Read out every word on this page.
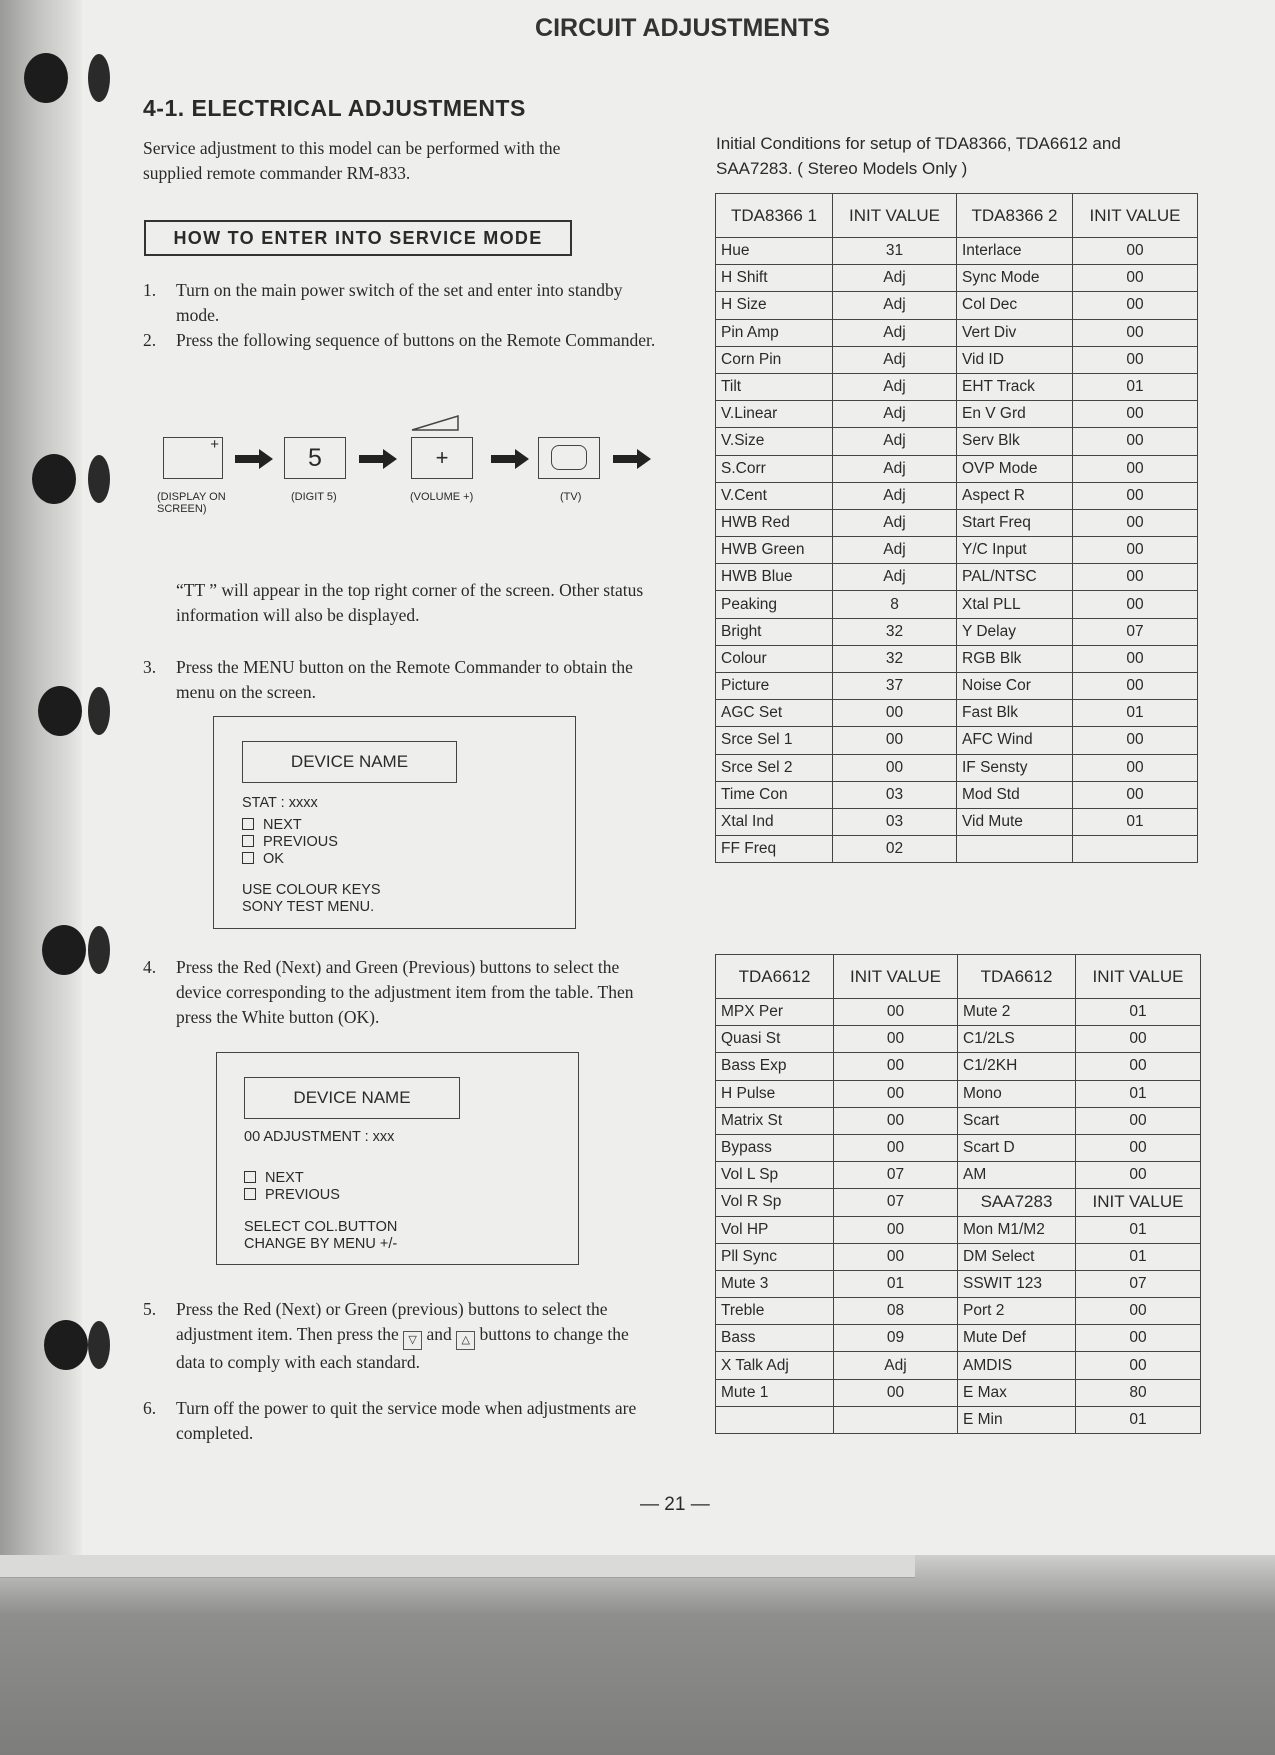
CIRCUIT ADJUSTMENTS
4-1. ELECTRICAL ADJUSTMENTS
Service adjustment to this model can be performed with the supplied remote commander RM-833.
HOW TO ENTER INTO SERVICE MODE
1. Turn on the main power switch of the set and enter into standby mode.
2. Press the following sequence of buttons on the Remote Commander.
+	5	+
(DISPLAY ON SCREEN)
(DIGIT 5)	(VOLUME +)	(TV)
“TT ” will appear in the top right corner of the screen. Other status information will also be displayed.
3. Press the MENU button on the Remote Commander to obtain the menu on the screen.
DEVICE NAME
STAT : xxxx
NEXT
PREVIOUS
OK
USE COLOUR KEYS
SONY TEST MENU.
4. Press the Red (Next) and Green (Previous) buttons to select the device corresponding to the adjustment item from the table. Then press the White button (OK).
DEVICE NAME
00 ADJUSTMENT : xxx
NEXT
PREVIOUS
SELECT COL.BUTTON
CHANGE BY MENU +/-
5. Press the Red (Next) or Green (previous) buttons to select the adjustment item. Then press the ▽ and △ buttons to change the data to comply with each standard.
6. Turn off the power to quit the service mode when adjustments are completed.
Initial Conditions for setup of TDA8366, TDA6612 and SAA7283. ( Stereo Models Only )
TDA8366 1	INIT VALUE	TDA8366 2	INIT VALUE
Hue	31	Interlace	00
H Shift	Adj	Sync Mode	00
H Size	Adj	Col Dec	00
Pin Amp	Adj	Vert Div	00
Corn Pin	Adj	Vid ID	00
Tilt	Adj	EHT Track	01
V.Linear	Adj	En V Grd	00
V.Size	Adj	Serv Blk	00
S.Corr	Adj	OVP Mode	00
V.Cent	Adj	Aspect R	00
HWB Red	Adj	Start Freq	00
HWB Green	Adj	Y/C Input	00
HWB Blue	Adj	PAL/NTSC	00
Peaking	8	Xtal PLL	00
Bright	32	Y Delay	07
Colour	32	RGB Blk	00
Picture	37	Noise Cor	00
AGC Set	00	Fast Blk	01
Srce Sel 1	00	AFC Wind	00
Srce Sel 2	00	IF Sensty	00
Time Con	03	Mod Std	00
Xtal Ind	03	Vid Mute	01
FF Freq	02		
TDA6612	INIT VALUE	TDA6612	INIT VALUE
MPX Per	00	Mute 2	01
Quasi St	00	C1/2LS	00
Bass Exp	00	C1/2KH	00
H Pulse	00	Mono	01
Matrix St	00	Scart	00
Bypass	00	Scart D	00
Vol L Sp	07	AM	00
Vol R Sp	07	SAA7283	INIT VALUE
Vol HP	00	Mon M1/M2	01
Pll Sync	00	DM Select	01
Mute 3	01	SSWIT 123	07
Treble	08	Port 2	00
Bass	09	Mute Def	00
X Talk Adj	Adj	AMDIS	00
Mute 1	00	E Max	80
		E Min	01
— 21 —
